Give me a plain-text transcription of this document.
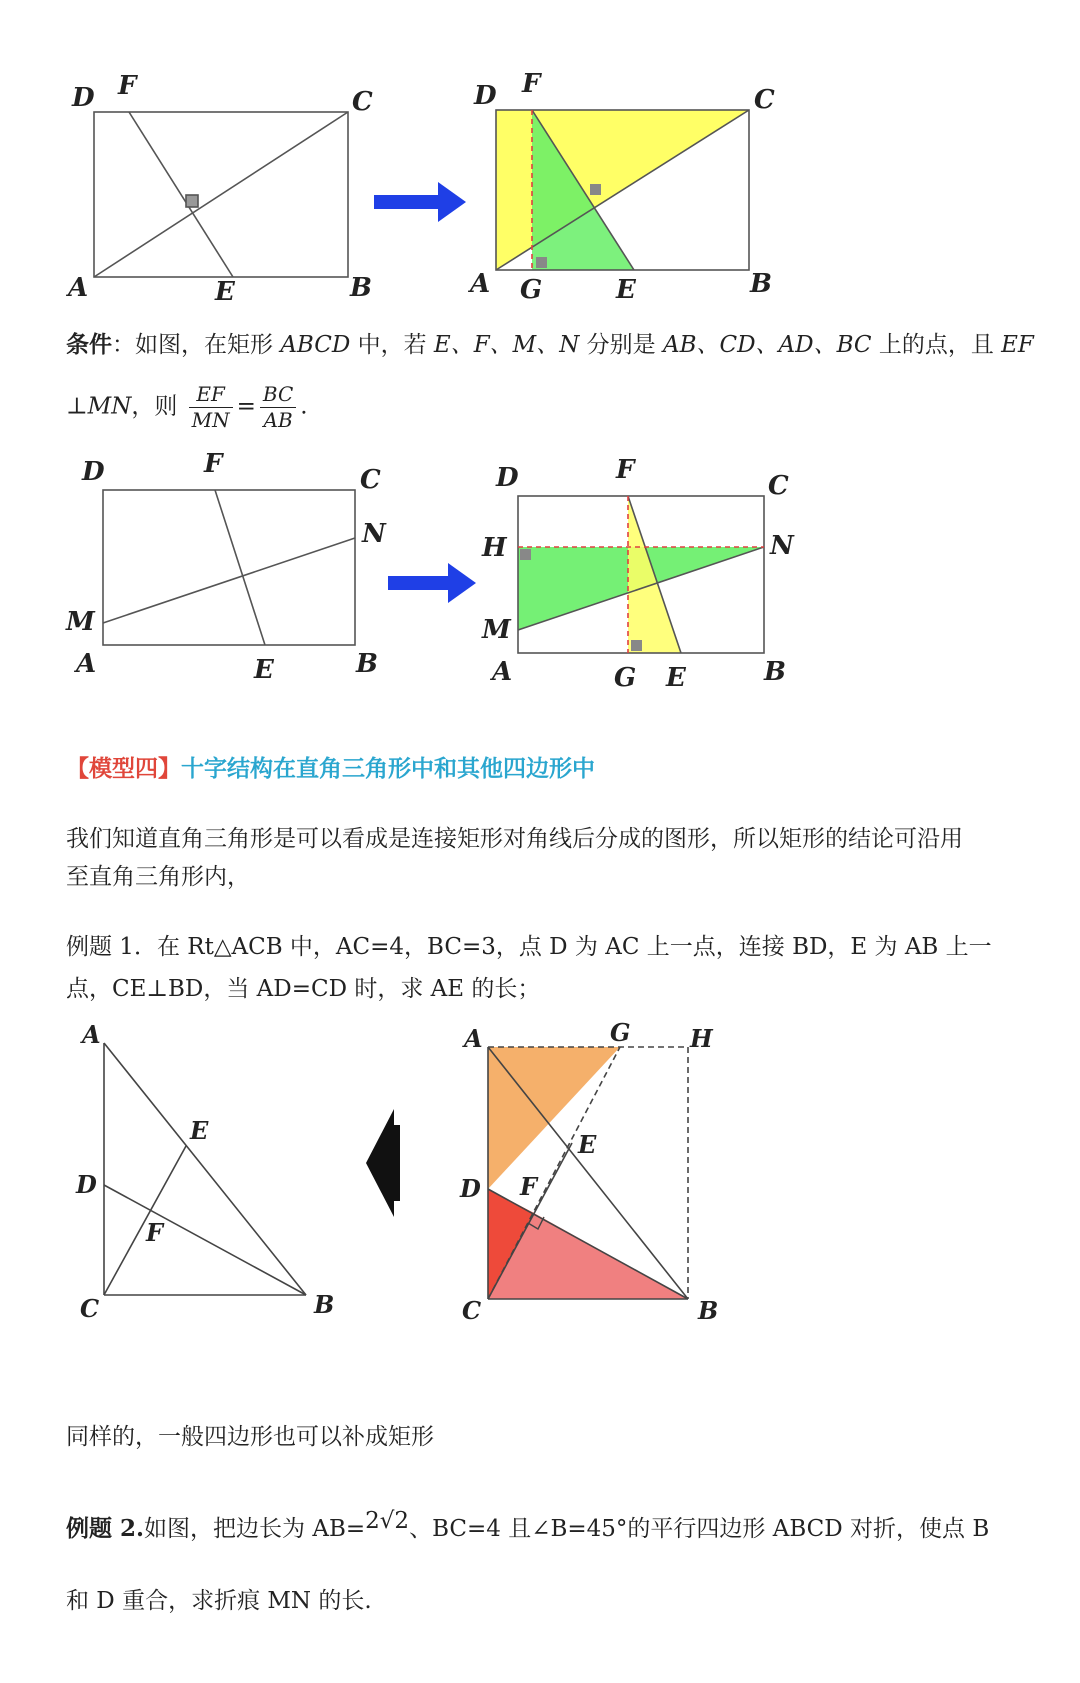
D F
C
A	E	B
D F
C
A G	E	B
条件：如图，在矩形 ABCD 中，若 E、F、M、N 分别是 AB、CD、AD、BC 上的点，且 EF
⊥MN，则 $\frac{EF}{MN} = \frac{BC}{AB}$ .
D	F
C
N
M
A	E	B
D	F
C
H	N
M
A	G E	B
【模型四】十字结构在直角三角形中和其他四边形中
我们知道直角三角形是可以看成是连接矩形对角线后分成的图形，所以矩形的结论可沿用
至直角三角形内，
例题 1．在 Rt△ACB 中，AC=4，BC=3，点 D 为 AC 上一点，连接 BD，E 为 AB 上一
点，CE⊥BD，当 AD=CD 时，求 AE 的长；
A
E
D
F
C	B
A	G H
E
D F
C	B
同样的，一般四边形也可以补成矩形
例题 2.如图，把边长为 AB=2√2、BC=4 且∠B=45°的平行四边形 ABCD 对折，使点 B
和 D 重合，求折痕 MN 的长.
